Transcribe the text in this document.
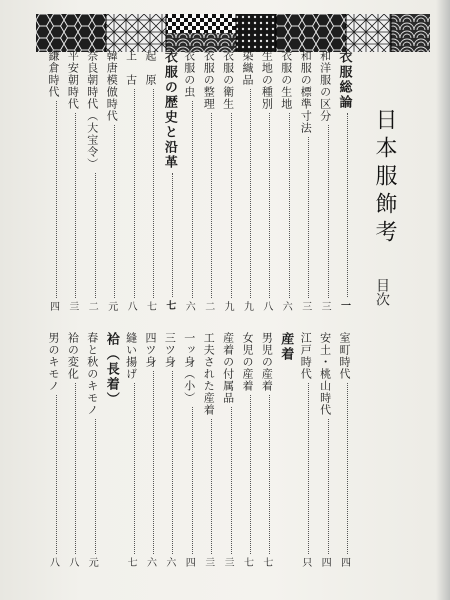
日本服飾考
目次
衣服総論
一
和洋服の区分
三
和服の標準寸法
三
衣服の生地
六
生地の種別
八
染織品
九
衣服の衛生
九
衣服の整理
二
衣服の虫
六
衣服の歴史と沿革
七
起　原
七
上　古
八
韓唐模倣時代
元
奈良朝時代（大宝令）
二
平安朝時代
亖
鎌倉時代
四
室町時代
四
安土・桃山時代
四
江戸時代
只
産着
男児の産着
七
女児の産着
七
産着の付属品
亖
工夫された産着
亖
一ッ身（小）
四
三ツ身
六
四ツ身
六
縫い揚げ
七
袷（長着）
春と秋のキモノ
元
袷の変化
八
男のキモノ
八
